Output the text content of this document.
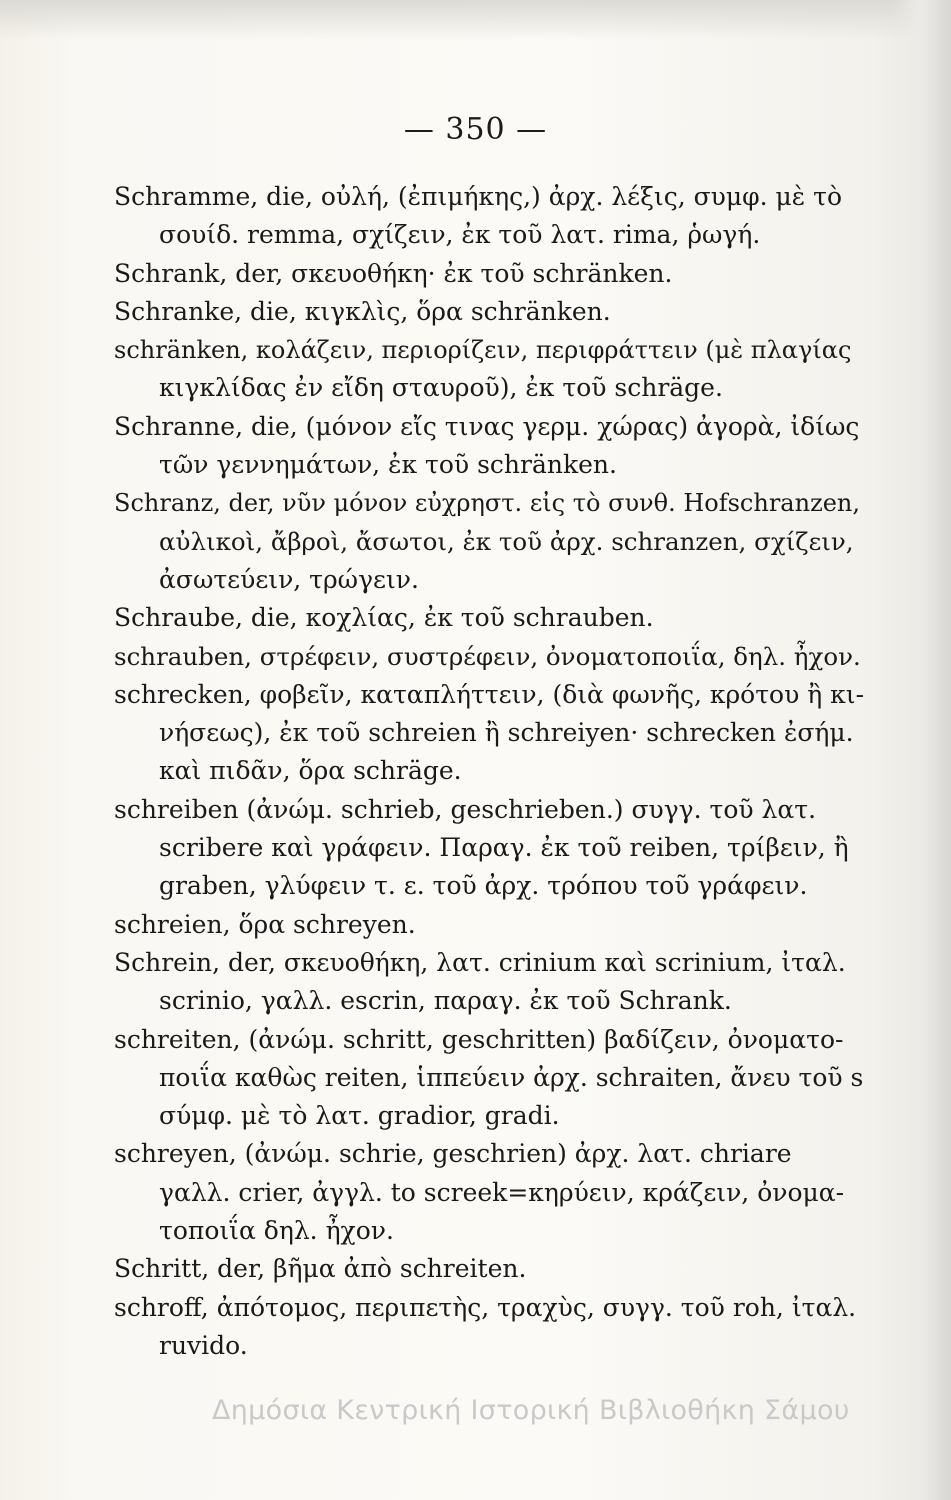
— 350 —
Schramme, die, οὐλή, (ἐπιμήκης,) ἀρχ. λέξις, συμφ. μὲ τὸ
σουίδ. remma, σχίζειν, ἐκ τοῦ λατ. rima, ῥωγή.
Schrank, der, σκευοθήκη· ἐκ τοῦ schränken.
Schranke, die, κιγκλὶς, ὅρα schränken.
schränken, κολάζειν, περιορίζειν, περιφράττειν (μὲ πλαγίας
κιγκλίδας ἐν εἴδη σταυροῦ), ἐκ τοῦ schräge.
Schranne, die, (μόνον εἴς τινας γερμ. χώρας) ἀγορὰ, ἰδίως
τῶν γεννημάτων, ἐκ τοῦ schränken.
Schranz, der, νῦν μόνον εὐχρηστ. εἰς τὸ συνθ. Hofschranzen,
αὐλικοὶ, ἄβροὶ, ἄσωτοι, ἐκ τοῦ ἀρχ. schranzen, σχίζειν,
ἀσωτεύειν, τρώγειν.
Schraube, die, κοχλίας, ἐκ τοῦ schrauben.
schrauben, στρέφειν, συστρέφειν, ὀνοματοποιΐα, δηλ. ἦχον.
schrecken, φοβεῖν, καταπλήττειν, (διὰ φωνῆς, κρότου ἢ κι-
νήσεως), ἐκ τοῦ schreien ἢ schreiyen· schrecken ἐσήμ.
καὶ πιδᾶν, ὅρα schräge.
schreiben (ἀνώμ. schrieb, geschrieben.) συγγ. τοῦ λατ.
scribere καὶ γράφειν. Παραγ. ἐκ τοῦ reiben, τρίβειν, ἢ
graben, γλύφειν τ. ε. τοῦ ἀρχ. τρόπου τοῦ γράφειν.
schreien, ὅρα schreyen.
Schrein, der, σκευοθήκη, λατ. crinium καὶ scrinium, ἰταλ.
scrinio, γαλλ. escrin, παραγ. ἐκ τοῦ Schrank.
schreiten, (ἀνώμ. schritt, geschritten) βαδίζειν, ὀνοματο-
ποιΐα καθὼς reiten, ἱππεύειν ἀρχ. schraiten, ἄνευ τοῦ s
σύμφ. μὲ τὸ λατ. gradior, gradi.
schreyen, (ἀνώμ. schrie, geschrien) ἀρχ. λατ. chriare
γαλλ. crier, ἀγγλ. to screek=κηρύειν, κράζειν, ὀνομα-
τοποιΐα δηλ. ἦχον.
Schritt, der, βῆμα ἀπὸ schreiten.
schroff, ἀπότομος, περιπετὴς, τραχὺς, συγγ. τοῦ roh, ἰταλ.
ruvido.
Δημόσια Κεντρική Ιστορική Βιβλιοθήκη Σάμου
